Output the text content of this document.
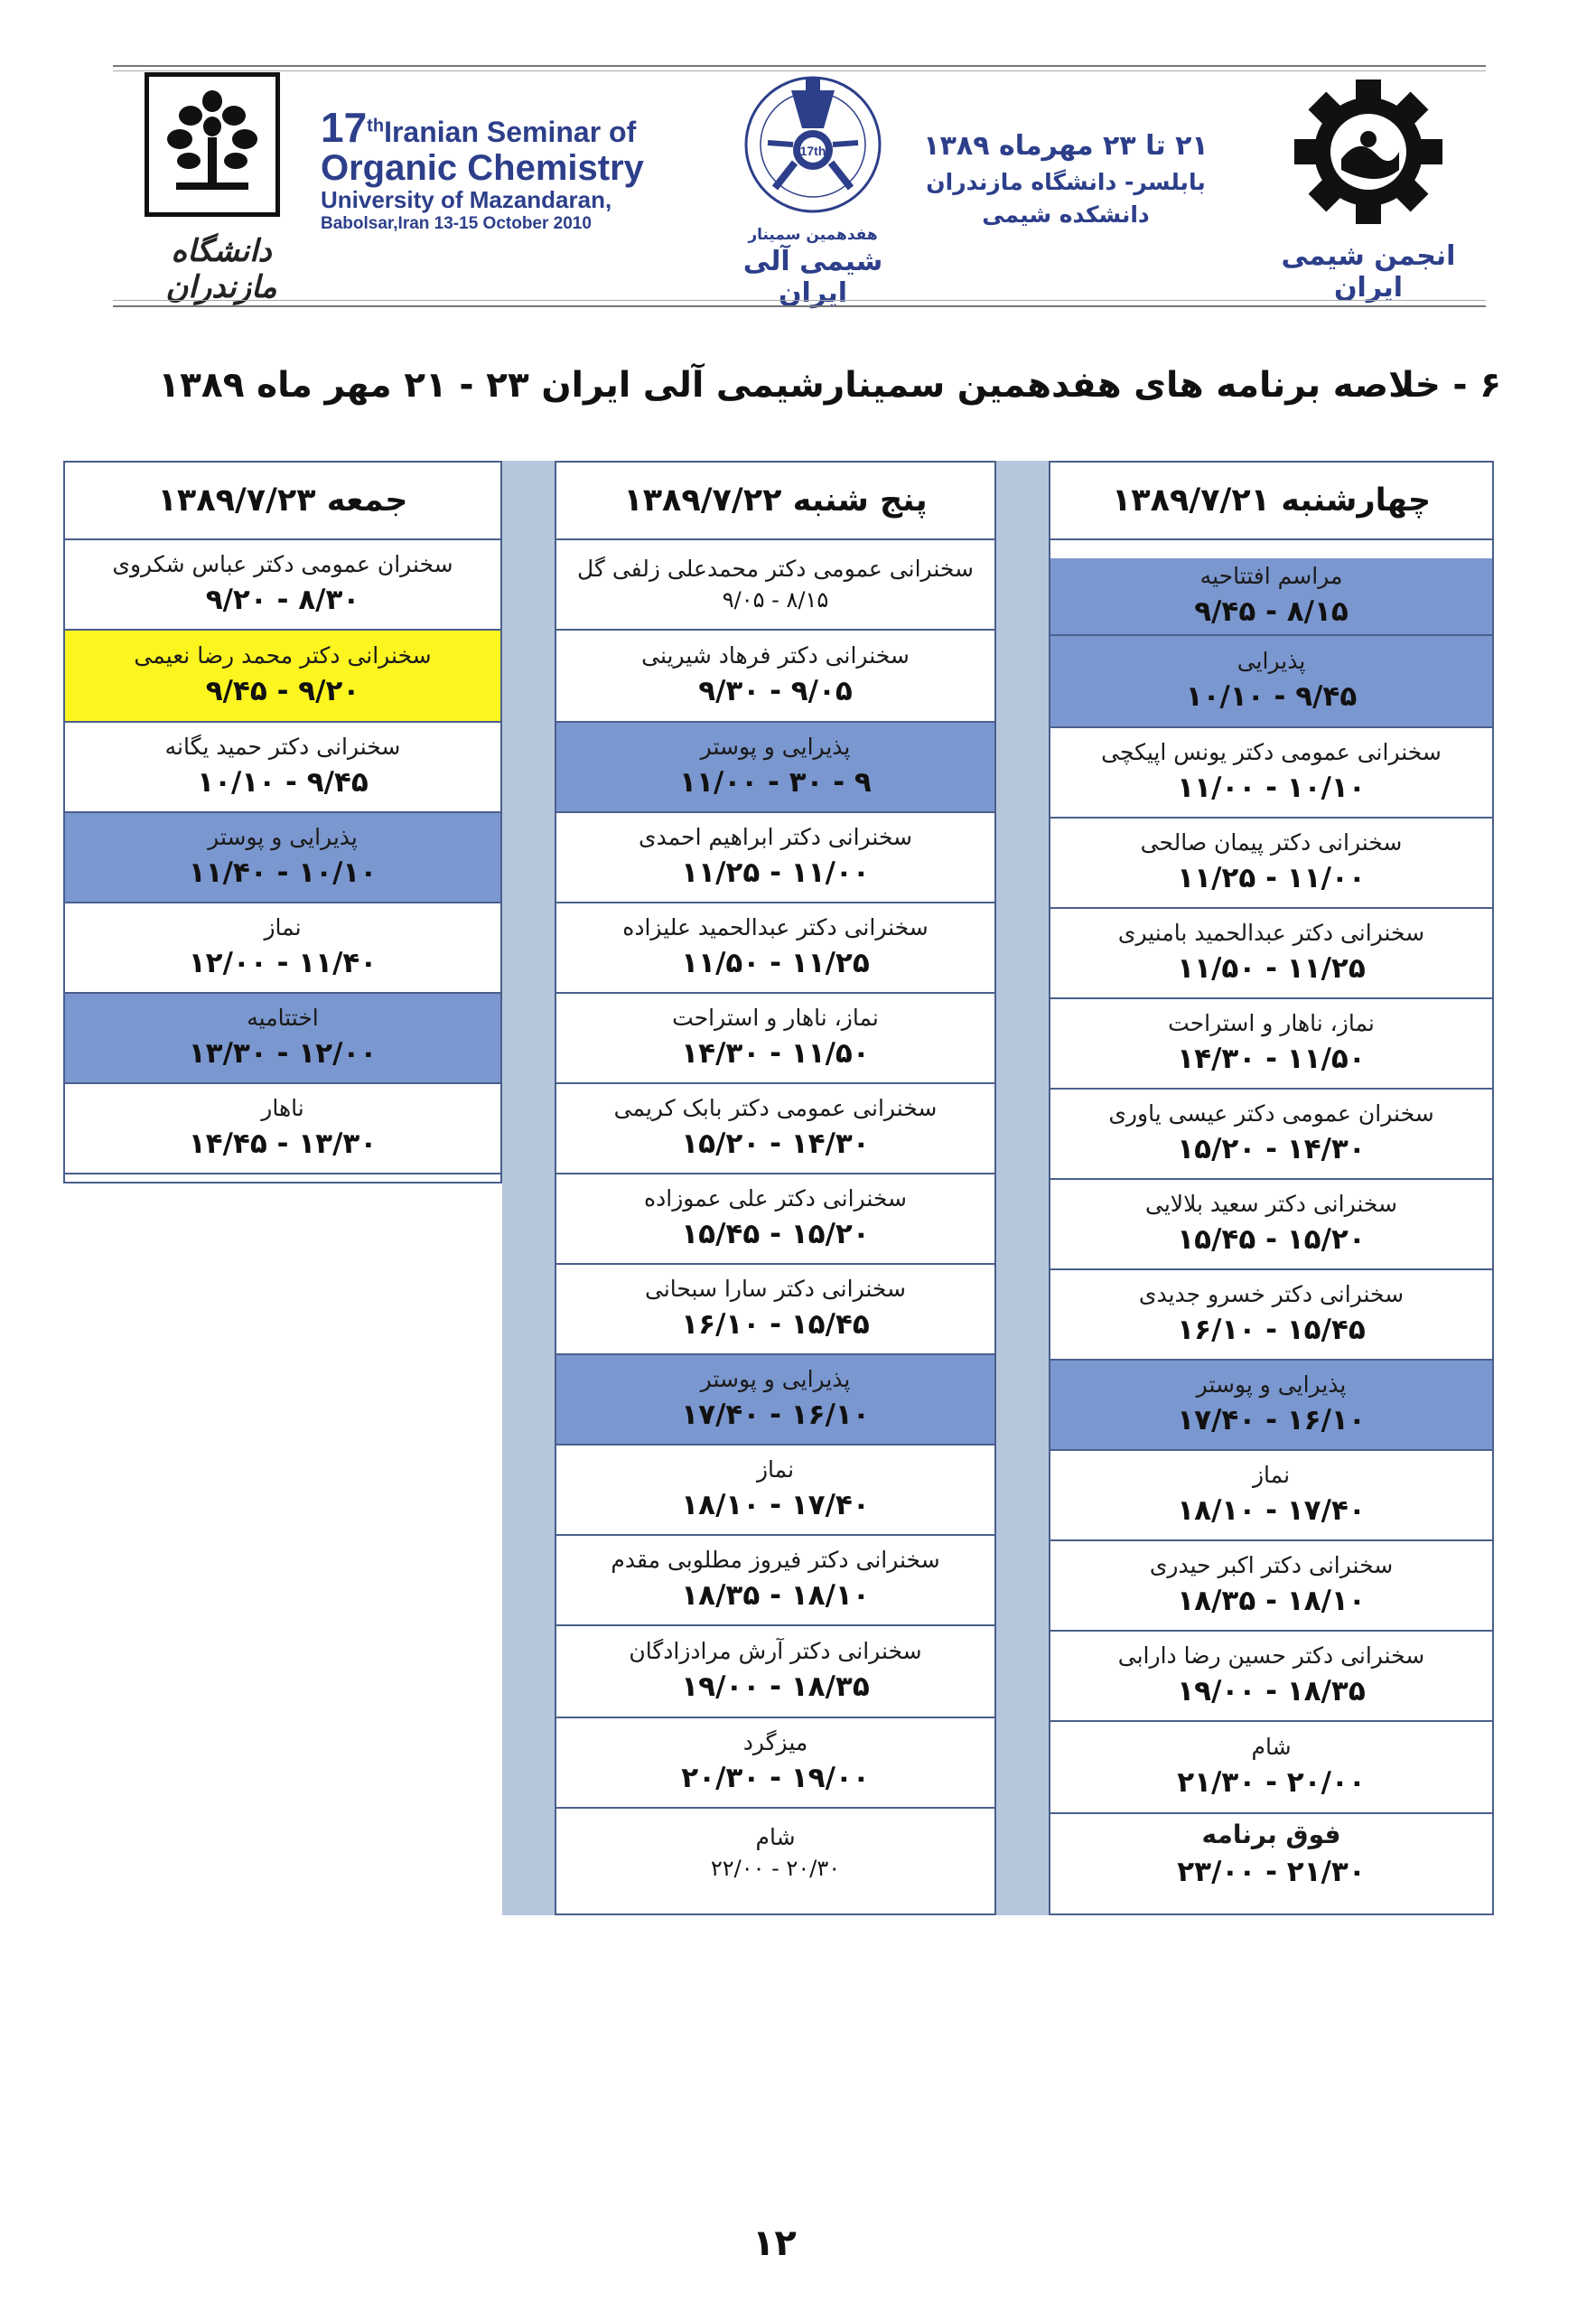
دانشگاه مازندران
17thIranian Seminar of
Organic Chemistry
University of Mazandaran,
Babolsar,Iran 13-15 October 2010
17th
هفدهمین سمینار
شیمی آلی ایران
۲۱ تا ۲۳ مهرماه ۱۳۸۹
بابلسر- دانشگاه مازندران
دانشکده شیمی
انجمن شیمی ایران
۶ - خلاصه برنامه های هفدهمین سمینارشیمی آلی ایران ۲۳ - ۲۱ مهر ماه ۱۳۸۹
جمعه ۱۳۸۹/۷/۲۳
سخنران عمومی دکتر عباس شکروی
۸/۳۰ - ۹/۲۰
سخنرانی دکتر محمد رضا نعیمی
۹/۲۰ - ۹/۴۵
سخنرانی دکتر حمید یگانه
۹/۴۵ - ۱۰/۱۰
پذیرایی و پوستر
۱۰/۱۰ - ۱۱/۴۰
نماز
۱۱/۴۰ - ۱۲/۰۰
اختتامیه
۱۲/۰۰ - ۱۳/۳۰
ناهار
۱۳/۳۰ - ۱۴/۴۵
پنج شنبه ۱۳۸۹/۷/۲۲
سخنرانی عمومی دکتر محمدعلی زلفی گل
۸/۱۵ - ۹/۰۵
سخنرانی دکتر فرهاد شیرینی
۹/۰۵ - ۹/۳۰
پذیرایی و پوستر
۹ - ۳۰ - ۱۱/۰۰
سخنرانی دکتر ابراهیم احمدی
۱۱/۰۰ - ۱۱/۲۵
سخنرانی دکتر عبدالحمید علیزاده
۱۱/۲۵ - ۱۱/۵۰
نماز، ناهار و استراحت
۱۱/۵۰ - ۱۴/۳۰
سخنرانی عمومی دکتر بابک کریمی
۱۴/۳۰ - ۱۵/۲۰
سخنرانی دکتر علی عموزاده
۱۵/۲۰ - ۱۵/۴۵
سخنرانی دکتر سارا سبحانی
۱۵/۴۵ - ۱۶/۱۰
پذیرایی و پوستر
۱۶/۱۰ - ۱۷/۴۰
نماز
۱۷/۴۰ - ۱۸/۱۰
سخنرانی دکتر فیروز مطلوبی مقدم
۱۸/۱۰ - ۱۸/۳۵
سخنرانی دکتر آرش مرادزادگان
۱۸/۳۵ - ۱۹/۰۰
میزگرد
۱۹/۰۰ - ۲۰/۳۰
شام
۲۰/۳۰ - ۲۲/۰۰
چهارشنبه ۱۳۸۹/۷/۲۱
مراسم افتتاحیه
۸/۱۵ - ۹/۴۵
پذیرایی
۹/۴۵ - ۱۰/۱۰
سخنرانی عمومی دکتر یونس اپیکچی
۱۰/۱۰ - ۱۱/۰۰
سخنرانی دکتر پیمان صالحی
۱۱/۰۰ - ۱۱/۲۵
سخنرانی دکتر عبدالحمید بامنیری
۱۱/۲۵ - ۱۱/۵۰
نماز، ناهار و استراحت
۱۱/۵۰ - ۱۴/۳۰
سخنران عمومی دکتر عیسی یاوری
۱۴/۳۰ - ۱۵/۲۰
سخنرانی دکتر سعید بلالایی
۱۵/۲۰ - ۱۵/۴۵
سخنرانی دکتر خسرو جدیدی
۱۵/۴۵ - ۱۶/۱۰
پذیرایی و پوستر
۱۶/۱۰ - ۱۷/۴۰
نماز
۱۷/۴۰ - ۱۸/۱۰
سخنرانی دکتر اکبر حیدری
۱۸/۱۰ - ۱۸/۳۵
سخنرانی دکتر حسین رضا دارابی
۱۸/۳۵ - ۱۹/۰۰
شام
۲۰/۰۰ - ۲۱/۳۰
فوق برنامه
۲۱/۳۰ - ۲۳/۰۰
۱۲
